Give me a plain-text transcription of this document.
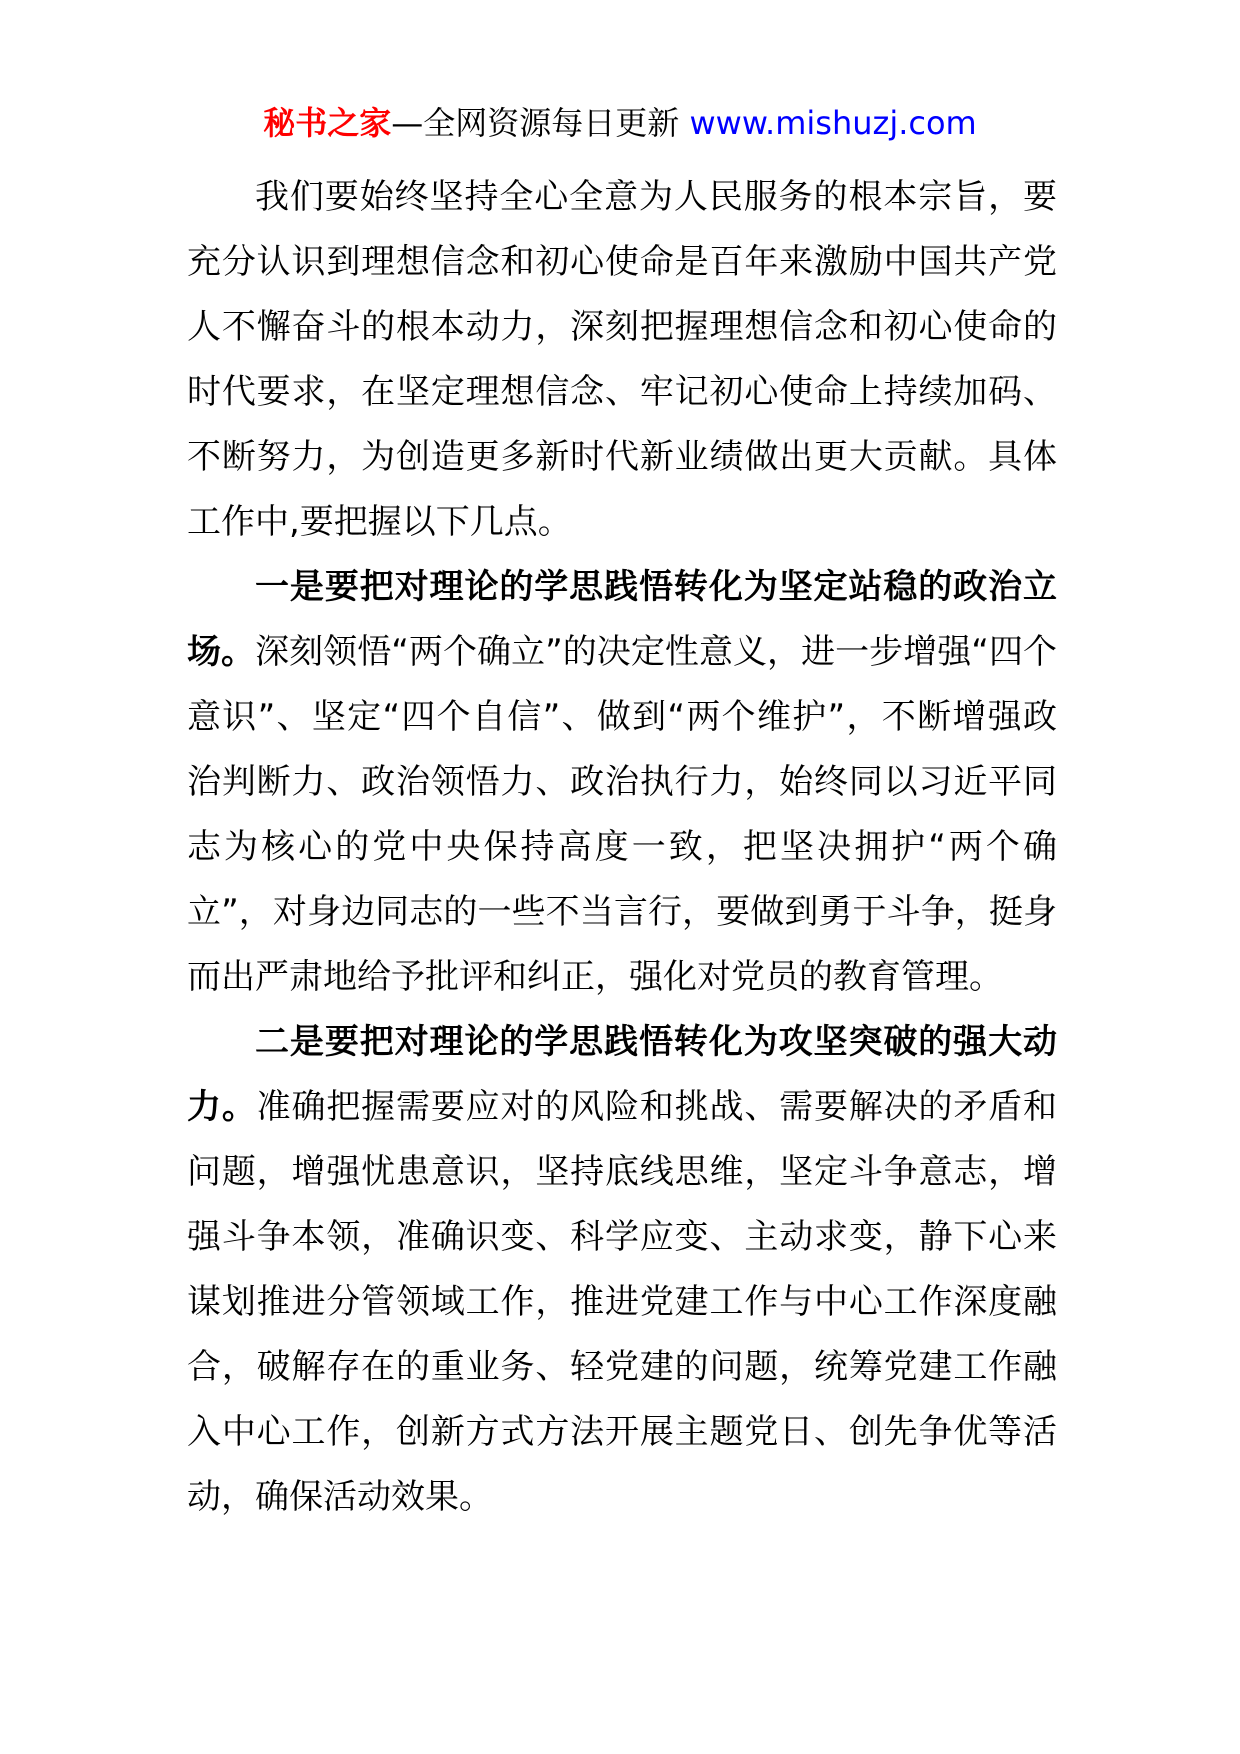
秘书之家—全网资源每日更新 www.mishuzj.com

我们要始终坚持全心全意为人民服务的根本宗旨，要充分认识到理想信念和初心使命是百年来激励中国共产党人不懈奋斗的根本动力，深刻把握理想信念和初心使命的时代要求，在坚定理想信念、牢记初心使命上持续加码、不断努力，为创造更多新时代新业绩做出更大贡献。具体工作中,要把握以下几点。

一是要把对理论的学思践悟转化为坚定站稳的政治立场。深刻领悟“两个确立”的决定性意义，进一步增强“四个意识”、坚定“四个自信”、做到“两个维护”，不断增强政治判断力、政治领悟力、政治执行力，始终同以习近平同志为核心的党中央保持高度一致，把坚决拥护“两个确立”，对身边同志的一些不当言行，要做到勇于斗争，挺身而出严肃地给予批评和纠正，强化对党员的教育管理。

二是要把对理论的学思践悟转化为攻坚突破的强大动力。准确把握需要应对的风险和挑战、需要解决的矛盾和问题，增强忧患意识，坚持底线思维，坚定斗争意志，增强斗争本领，准确识变、科学应变、主动求变，静下心来谋划推进分管领域工作，推进党建工作与中心工作深度融合，破解存在的重业务、轻党建的问题，统筹党建工作融入中心工作，创新方式方法开展主题党日、创先争优等活动，确保活动效果。
